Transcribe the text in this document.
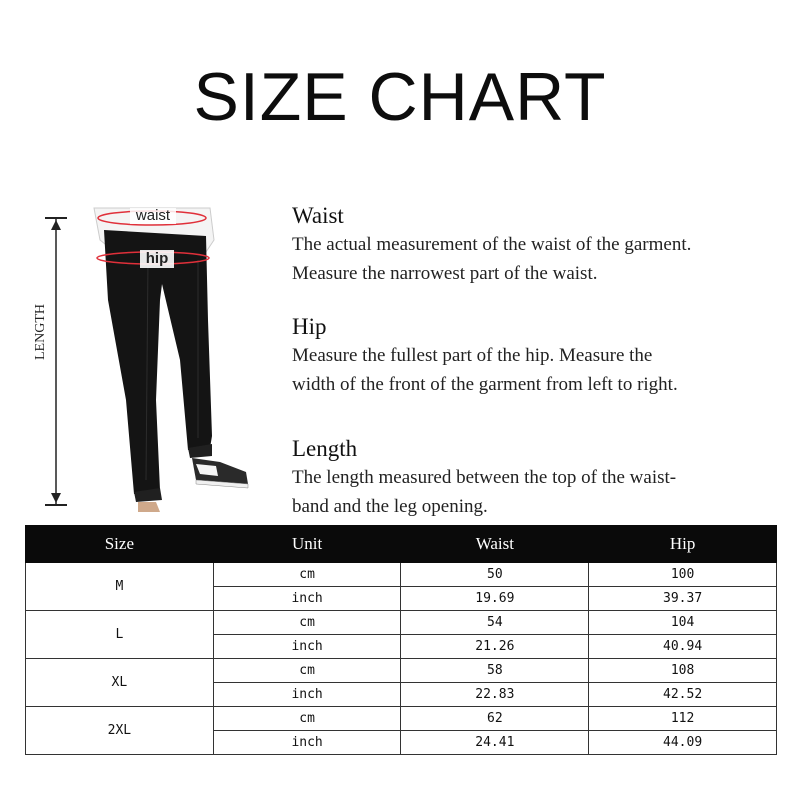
SIZE CHART
LENGTH
waist
hip
Waist

The actual measurement of the waist of the garment.

Measure the narrowest part of the waist.

Hip

Measure the fullest part of the hip. Measure the

width of the front of the garment from left to right.

Length

The length measured between the top of the waist-

band and the leg opening.

Size	Unit	Waist	Hip
M	cm	50	100
	inch	19.69	39.37
L	cm	54	104
	inch	21.26	40.94
XL	cm	58	108
	inch	22.83	42.52
2XL	cm	62	112
	inch	24.41	44.09
